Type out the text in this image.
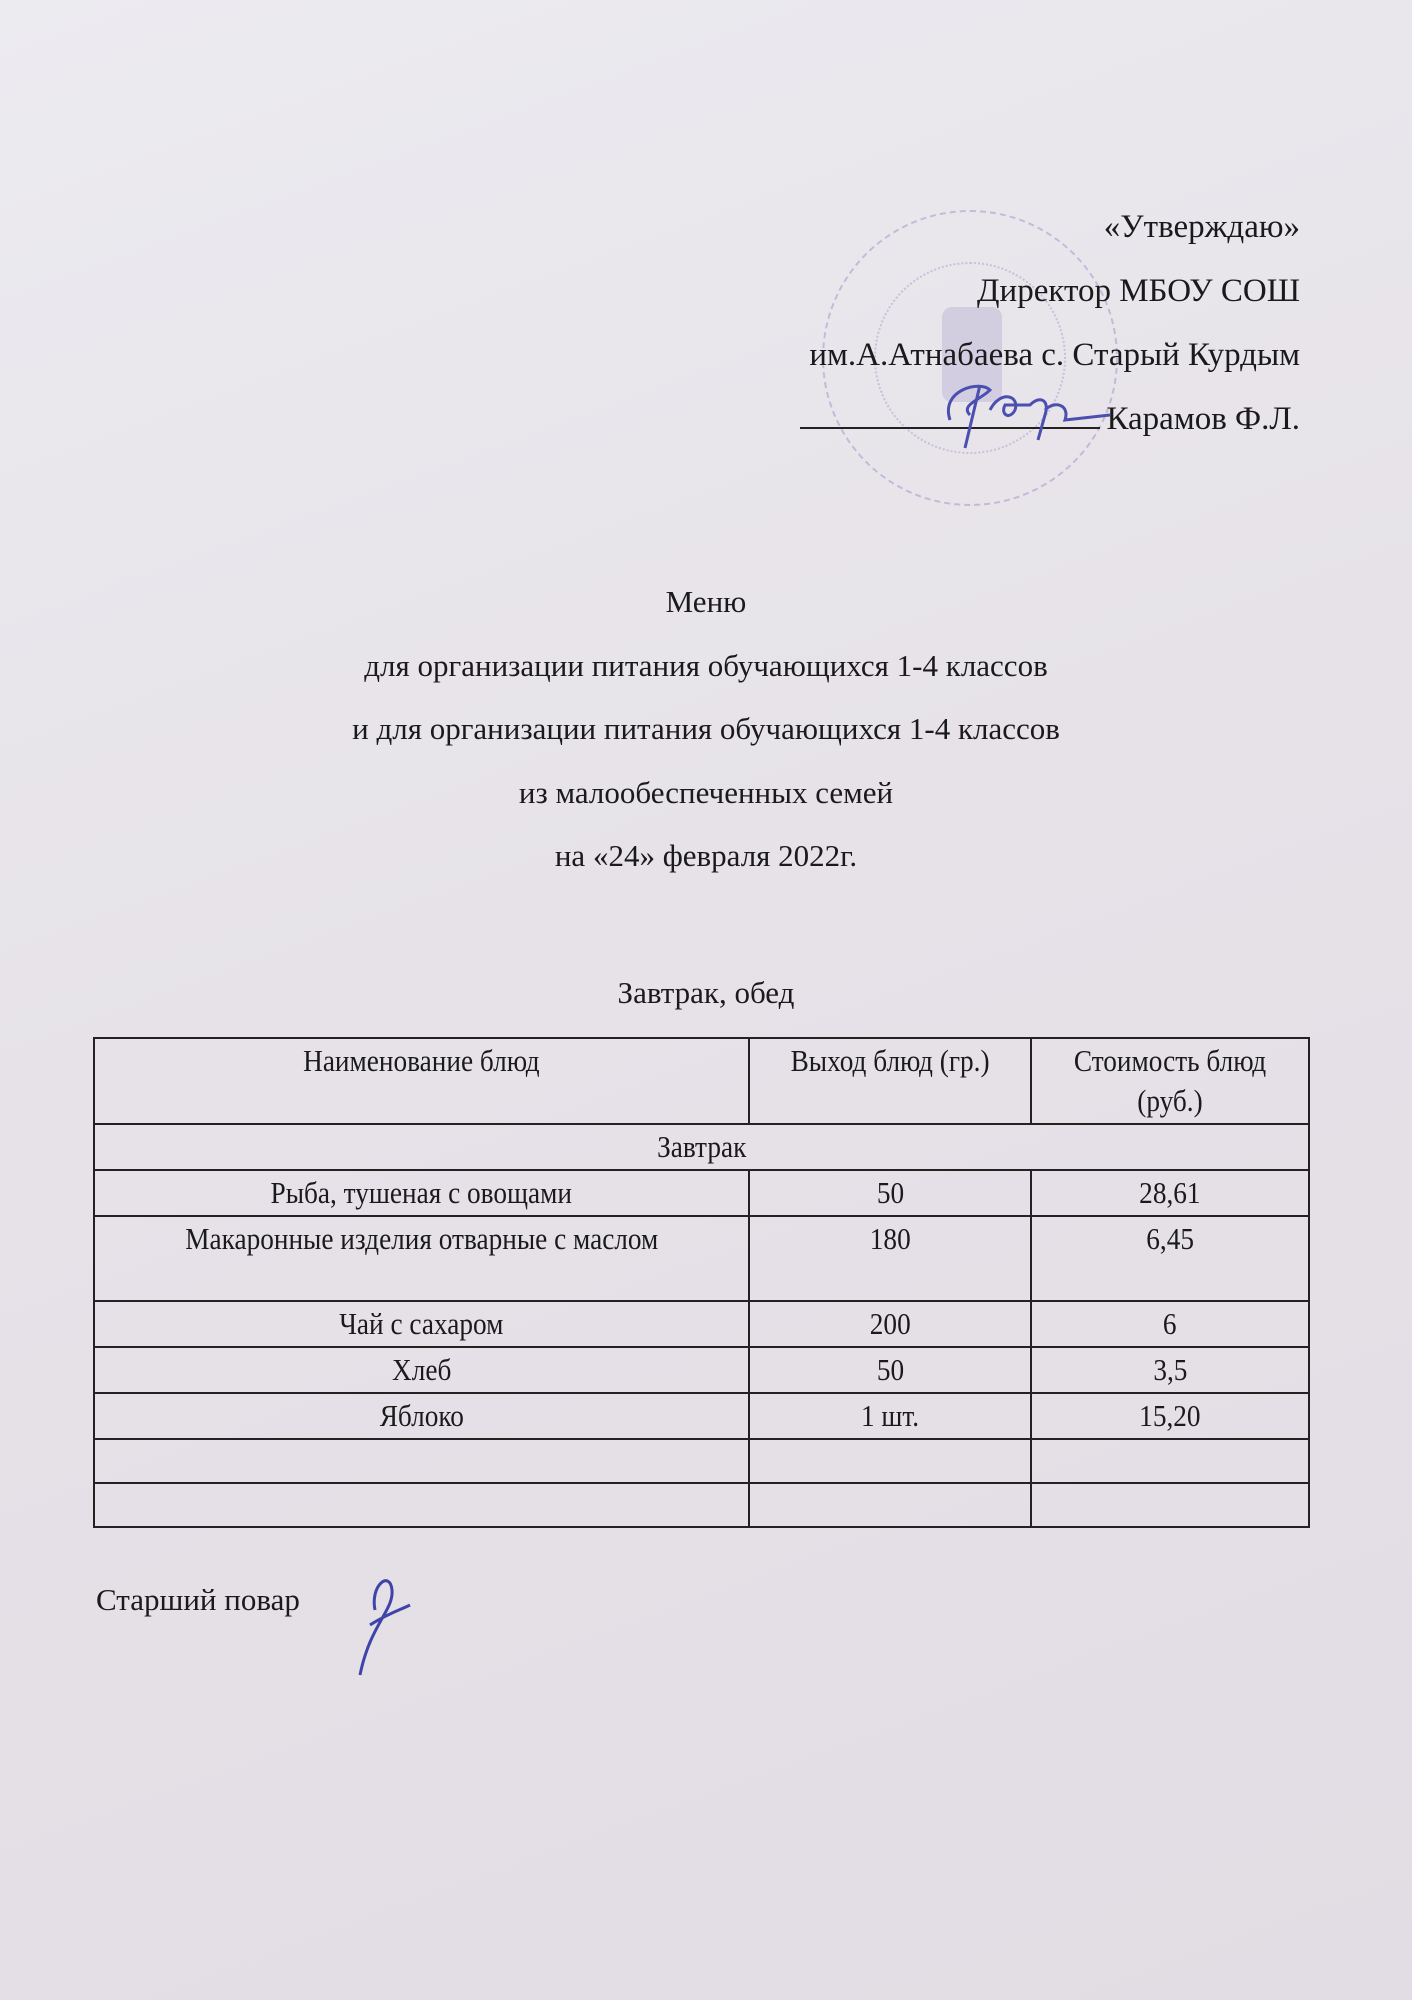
«Утверждаю»
Директор МБОУ СОШ
им.А.Атнабаева с. Старый Курдым
Карамов Ф.Л.
Меню
для организации питания обучающихся 1-4 классов
и для организации питания обучающихся 1-4 классов
из малообеспеченных семей
на «24» февраля 2022г.
Завтрак, обед
Наименование блюд	Выход блюд (гр.)	Стоимость блюд (руб.)
Завтрак		
Рыба, тушеная с овощами	50	28,61
Макаронные изделия отварные с маслом	180	6,45
Чай с сахаром	200	6
Хлеб	50	3,5
Яблоко	1 шт.	15,20

Старший повар
